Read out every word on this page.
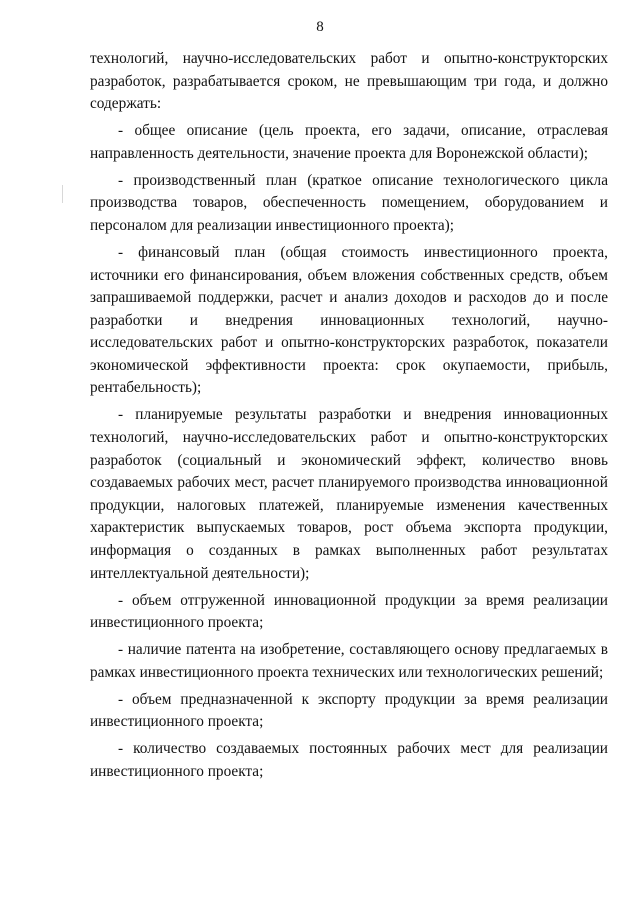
8

технологий, научно-исследовательских работ и опытно-конструкторских разработок, разрабатывается сроком, не превышающим три года, и должно содержать:

- общее описание (цель проекта, его задачи, описание, отраслевая направленность деятельности, значение проекта для Воронежской области);

- производственный план (краткое описание технологического цикла производства товаров, обеспеченность помещением, оборудованием и персоналом для реализации инвестиционного проекта);

- финансовый план (общая стоимость инвестиционного проекта, источники его финансирования, объем вложения собственных средств, объем запрашиваемой поддержки, расчет и анализ доходов и расходов до и после разработки и внедрения инновационных технологий, научно-исследовательских работ и опытно-конструкторских разработок, показатели экономической эффективности проекта: срок окупаемости, прибыль, рентабельность);

- планируемые результаты разработки и внедрения инновационных технологий, научно-исследовательских работ и опытно-конструкторских разработок (социальный и экономический эффект, количество вновь создаваемых рабочих мест, расчет планируемого производства инновационной продукции, налоговых платежей, планируемые изменения качественных характеристик выпускаемых товаров, рост объема экспорта продукции, информация о созданных в рамках выполненных работ результатах интеллектуальной деятельности);

- объем отгруженной инновационной продукции за время реализации инвестиционного проекта;

- наличие патента на изобретение, составляющего основу предлагаемых в рамках инвестиционного проекта технических или технологических решений;

- объем предназначенной к экспорту продукции за время реализации инвестиционного проекта;

- количество создаваемых постоянных рабочих мест для реализации инвестиционного проекта;
